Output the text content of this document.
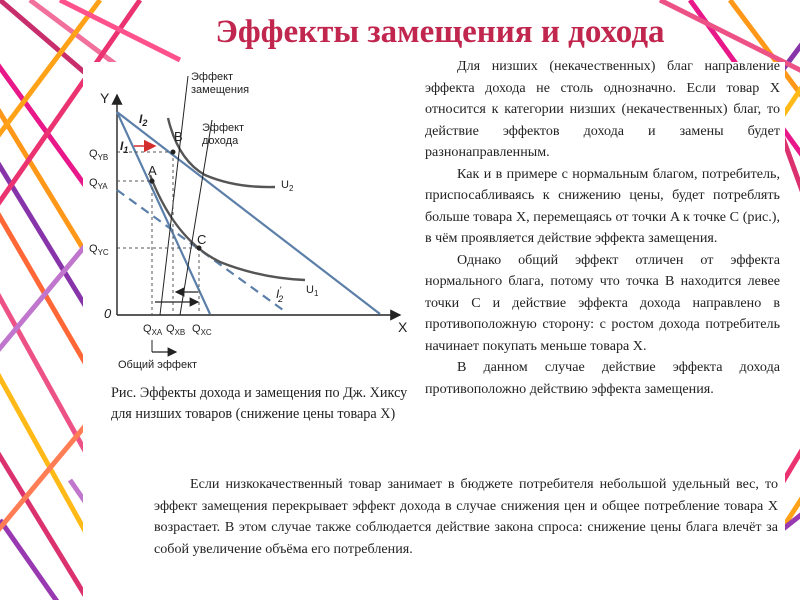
Эффекты замещения и дохода
Y
X
0
A
B
C
$I_1$
$I_2$
I' 2
$U_1$
$U_2$
Эффект замещения
Эффект дохода
$Q_{YB}$
$Q_{YA}$
$Q_{YC}$
$Q_{XA}$ $Q_{XB}$ $Q_{XC}$
Общий эффект

Для низших (некачественных) благ направление эффекта дохода не столь однозначно. Если товар X относится к категории низших (некачественных) благ, то действие эффектов дохода и замены будет разнонаправленным.

Как и в примере с нормальным благом, потребитель, приспосабливаясь к снижению цены, будет потреблять больше товара X, перемещаясь от точки A к точке C (рис.), в чём проявляется действие эффекта замещения.

Однако общий эффект отличен от эффекта нормального блага, потому что точка B находится левее точки C и действие эффекта дохода направлено в противоположную сторону: с ростом дохода потребитель начинает покупать меньше товара X.

В данном случае действие эффекта дохода противоположно действию эффекта замещения.

Рис. Эффекты дохода и замещения по Дж. Хиксу для низших товаров (снижение цены товара X)
Если низкокачественный товар занимает в бюджете потребителя небольшой удельный вес, то эффект замещения перекрывает эффект дохода в случае снижения цен и общее потребление товара X возрастает. В этом случае также соблюдается действие закона спроса: снижение цены блага влечёт за собой увеличение объёма его потребления.
